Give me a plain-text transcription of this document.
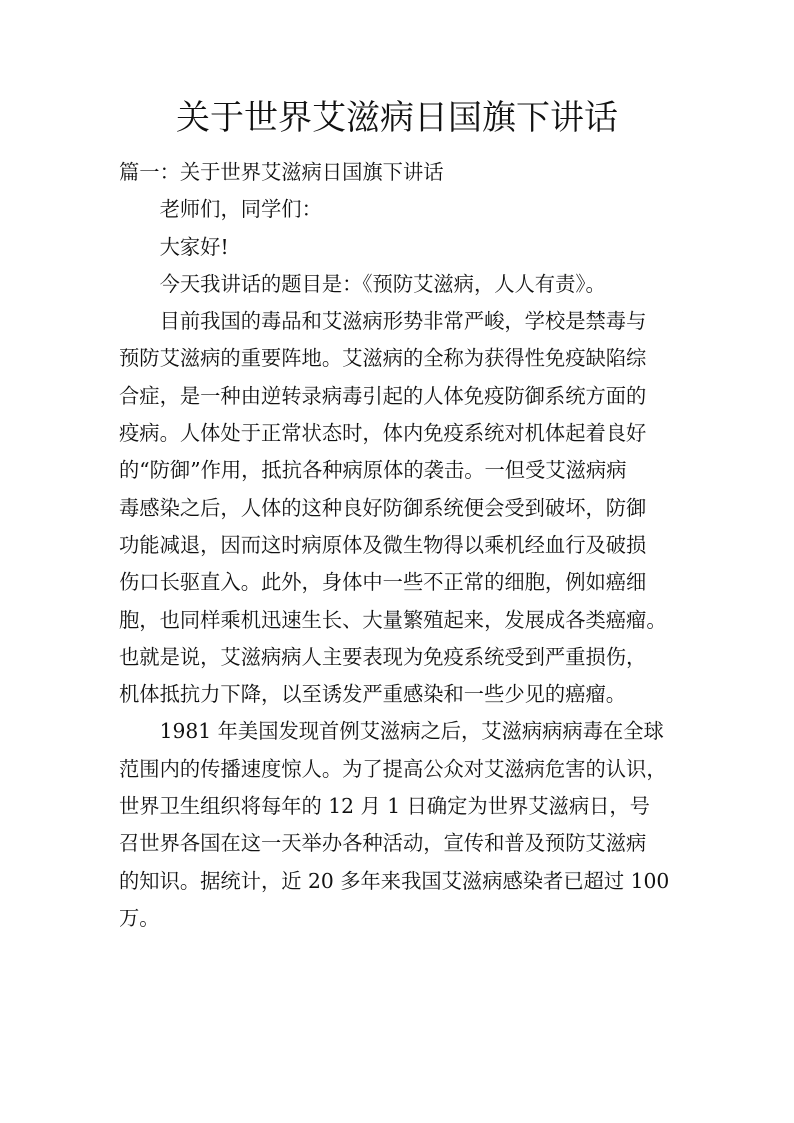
关于世界艾滋病日国旗下讲话

篇一：关于世界艾滋病日国旗下讲话

老师们，同学们：

大家好!

今天我讲话的题目是：《预防艾滋病，人人有责》。

目前我国的毒品和艾滋病形势非常严峻，学校是禁毒与
预防艾滋病的重要阵地。艾滋病的全称为获得性免疫缺陷综
合症，是一种由逆转录病毒引起的人体免疫防御系统方面的
疫病。人体处于正常状态时，体内免疫系统对机体起着良好
的“防御”作用，抵抗各种病原体的袭击。一但受艾滋病病
毒感染之后，人体的这种良好防御系统便会受到破坏，防御
功能减退，因而这时病原体及微生物得以乘机经血行及破损
伤口长驱直入。此外，身体中一些不正常的细胞，例如癌细
胞，也同样乘机迅速生长、大量繁殖起来，发展成各类癌瘤。
也就是说，艾滋病病人主要表现为免疫系统受到严重损伤，
机体抵抗力下降，以至诱发严重感染和一些少见的癌瘤。

1981 年美国发现首例艾滋病之后，艾滋病病病毒在全球
范围内的传播速度惊人。为了提高公众对艾滋病危害的认识，
世界卫生组织将每年的 12 月 1 日确定为世界艾滋病日，号
召世界各国在这一天举办各种活动，宣传和普及预防艾滋病
的知识。据统计，近 20 多年来我国艾滋病感染者已超过 100
万。
